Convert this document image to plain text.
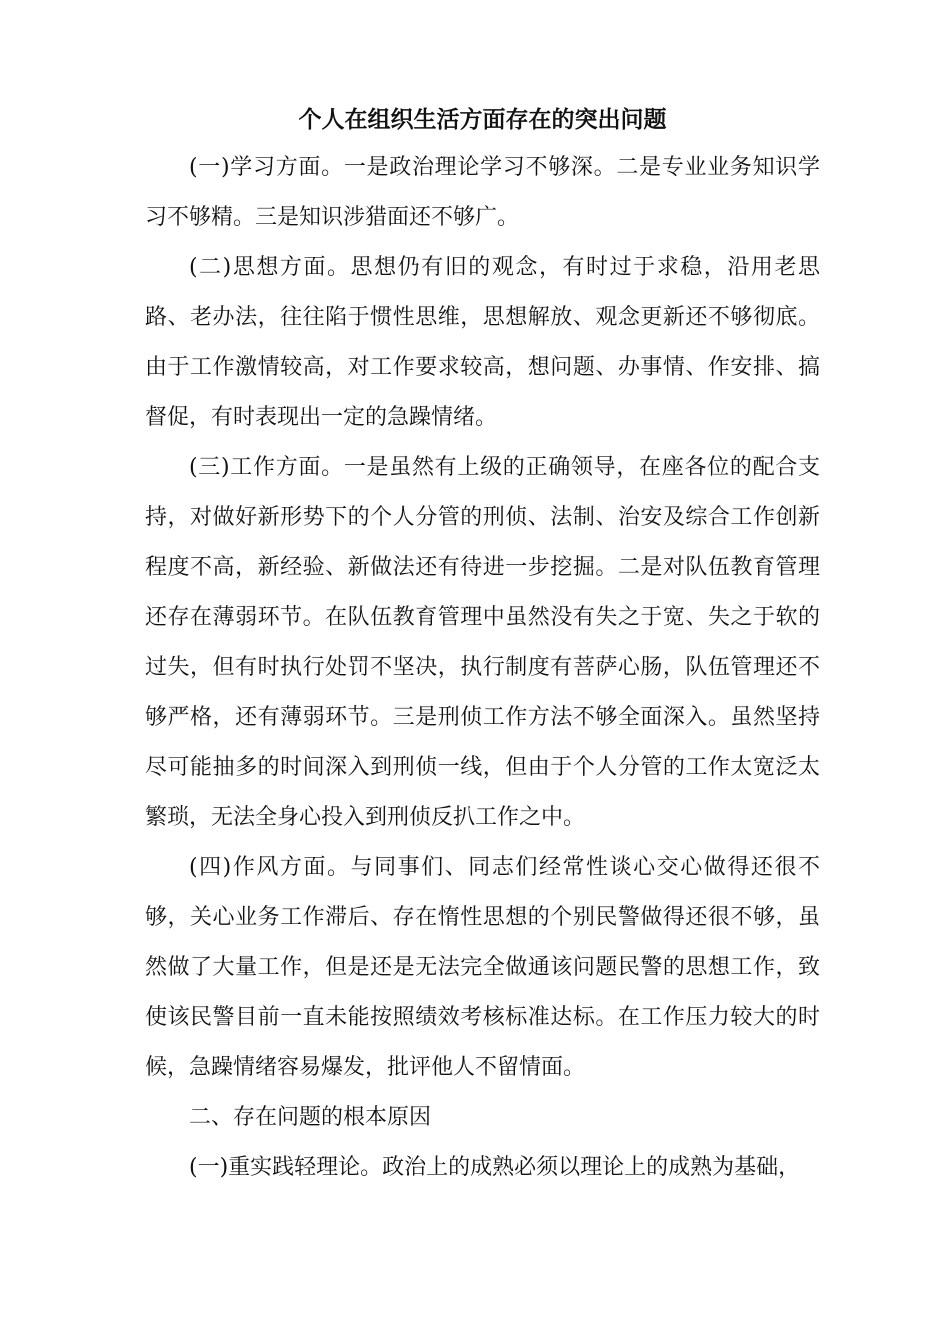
个人在组织生活方面存在的突出问题

(一)学习方面。一是政治理论学习不够深。二是专业业务知识学习不够精。三是知识涉猎面还不够广。

(二)思想方面。思想仍有旧的观念，有时过于求稳，沿用老思路、老办法，往往陷于惯性思维，思想解放、观念更新还不够彻底。由于工作激情较高，对工作要求较高，想问题、办事情、作安排、搞督促，有时表现出一定的急躁情绪。

(三)工作方面。一是虽然有上级的正确领导，在座各位的配合支持，对做好新形势下的个人分管的刑侦、法制、治安及综合工作创新程度不高，新经验、新做法还有待进一步挖掘。二是对队伍教育管理还存在薄弱环节。在队伍教育管理中虽然没有失之于宽、失之于软的过失，但有时执行处罚不坚决，执行制度有菩萨心肠，队伍管理还不够严格，还有薄弱环节。三是刑侦工作方法不够全面深入。虽然坚持尽可能抽多的时间深入到刑侦一线，但由于个人分管的工作太宽泛太繁琐，无法全身心投入到刑侦反扒工作之中。

(四)作风方面。与同事们、同志们经常性谈心交心做得还很不够，关心业务工作滞后、存在惰性思想的个别民警做得还很不够，虽然做了大量工作，但是还是无法完全做通该问题民警的思想工作，致使该民警目前一直未能按照绩效考核标准达标。在工作压力较大的时候，急躁情绪容易爆发，批评他人不留情面。

二、存在问题的根本原因

(一)重实践轻理论。政治上的成熟必须以理论上的成熟为基础，
